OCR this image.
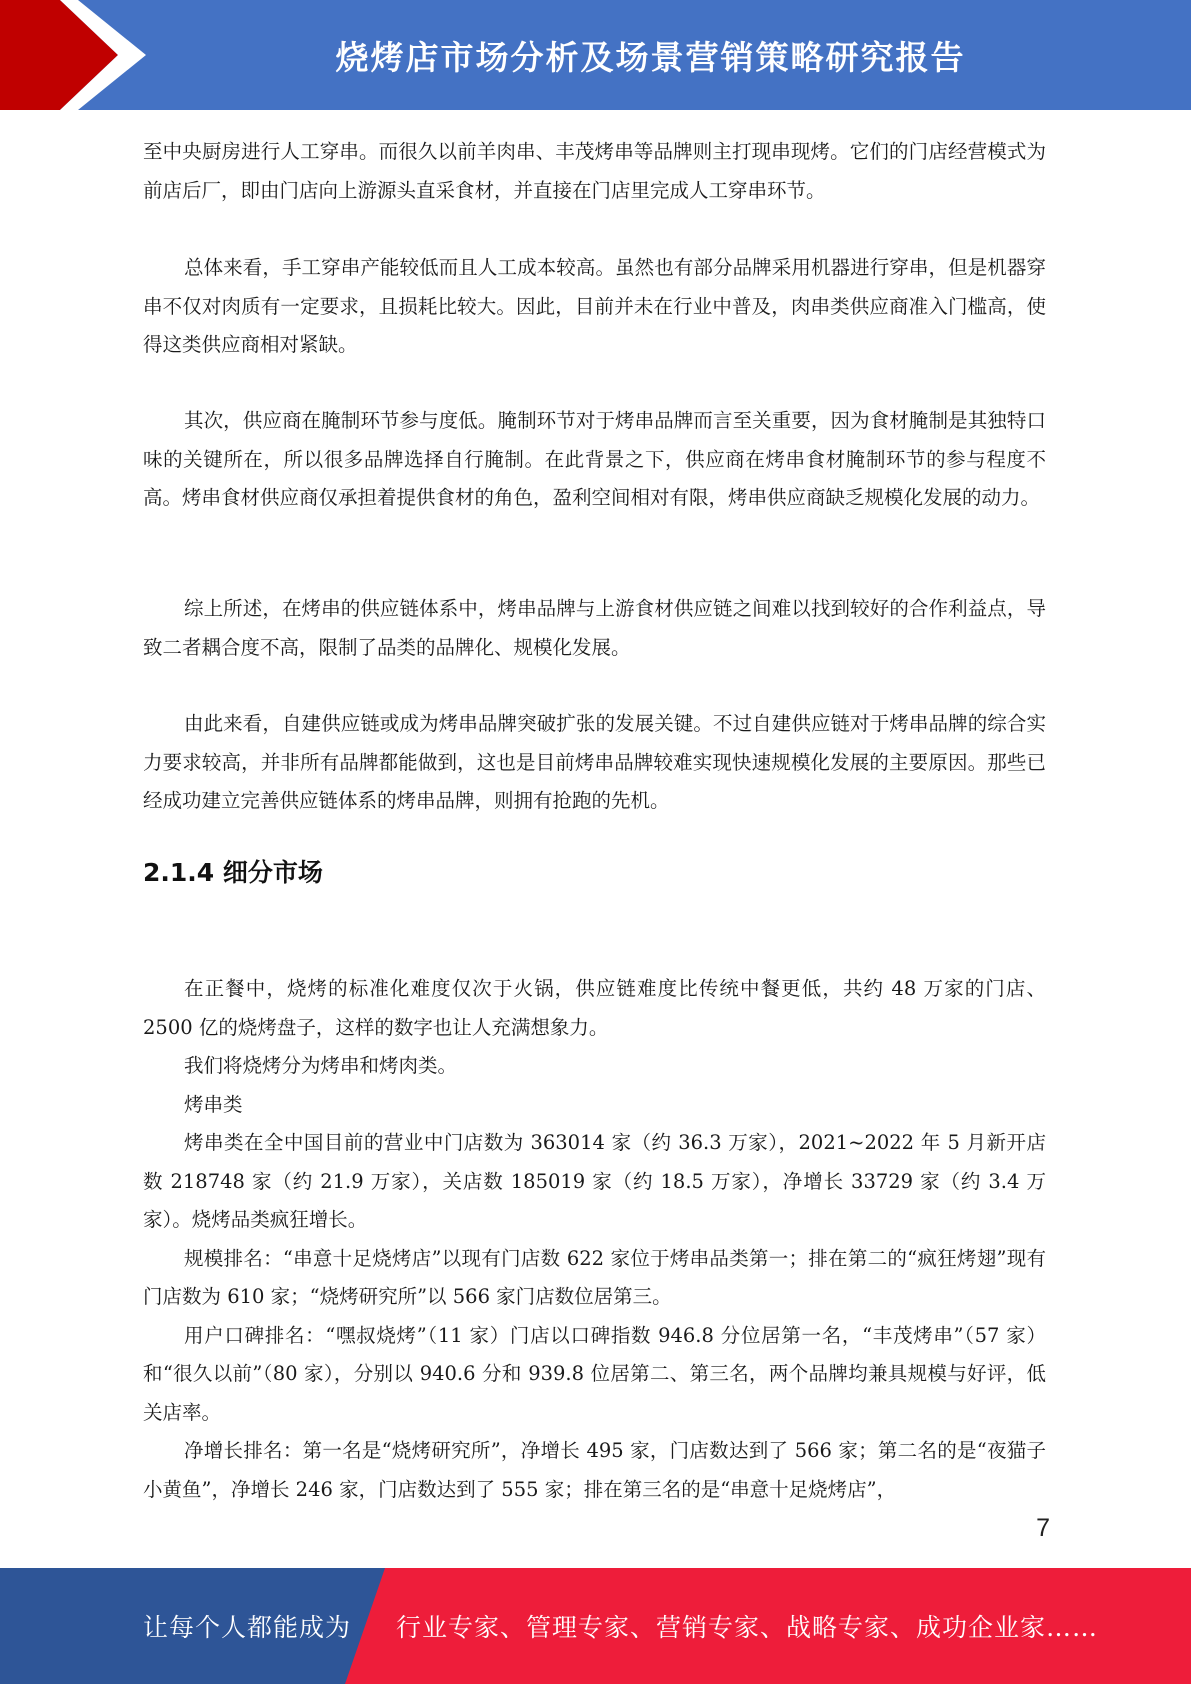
烧烤店市场分析及场景营销策略研究报告

至中央厨房进行人工穿串。而很久以前羊肉串、丰茂烤串等品牌则主打现串现烤。它们的门店经营模式为前店后厂，即由门店向上游源头直采食材，并直接在门店里完成人工穿串环节。

总体来看，手工穿串产能较低而且人工成本较高。虽然也有部分品牌采用机器进行穿串，但是机器穿串不仅对肉质有一定要求，且损耗比较大。因此，目前并未在行业中普及，肉串类供应商准入门槛高，使得这类供应商相对紧缺。

其次，供应商在腌制环节参与度低。腌制环节对于烤串品牌而言至关重要，因为食材腌制是其独特口味的关键所在，所以很多品牌选择自行腌制。在此背景之下，供应商在烤串食材腌制环节的参与程度不高。烤串食材供应商仅承担着提供食材的角色，盈利空间相对有限，烤串供应商缺乏规模化发展的动力。

综上所述，在烤串的供应链体系中，烤串品牌与上游食材供应链之间难以找到较好的合作利益点，导致二者耦合度不高，限制了品类的品牌化、规模化发展。

由此来看，自建供应链或成为烤串品牌突破扩张的发展关键。不过自建供应链对于烤串品牌的综合实力要求较高，并非所有品牌都能做到，这也是目前烤串品牌较难实现快速规模化发展的主要原因。那些已经成功建立完善供应链体系的烤串品牌，则拥有抢跑的先机。

2.1.4 细分市场

在正餐中，烧烤的标准化难度仅次于火锅，供应链难度比传统中餐更低，共约 48 万家的门店、2500 亿的烧烤盘子，这样的数字也让人充满想象力。

我们将烧烤分为烤串和烤肉类。

烤串类

烤串类在全中国目前的营业中门店数为 363014 家（约 36.3 万家），2021~2022 年 5 月新开店数 218748 家（约 21.9 万家），关店数 185019 家（约 18.5 万家），净增长 33729 家（约 3.4 万家）。烧烤品类疯狂增长。

规模排名：“串意十足烧烤店”以现有门店数 622 家位于烤串品类第一；排在第二的“疯狂烤翅”现有门店数为 610 家；“烧烤研究所”以 566 家门店数位居第三。

用户口碑排名：“嘿叔烧烤”（11 家）门店以口碑指数 946.8 分位居第一名，“丰茂烤串”（57 家）和“很久以前”（80 家），分别以 940.6 分和 939.8 位居第二、第三名，两个品牌均兼具规模与好评，低关店率。

净增长排名：第一名是“烧烤研究所”，净增长 495 家，门店数达到了 566 家；第二名的是“夜猫子小黄鱼”，净增长 246 家，门店数达到了 555 家；排在第三名的是“串意十足烧烤店”，

7
让每个人都能成为 行业专家、管理专家、营销专家、战略专家、成功企业家……
